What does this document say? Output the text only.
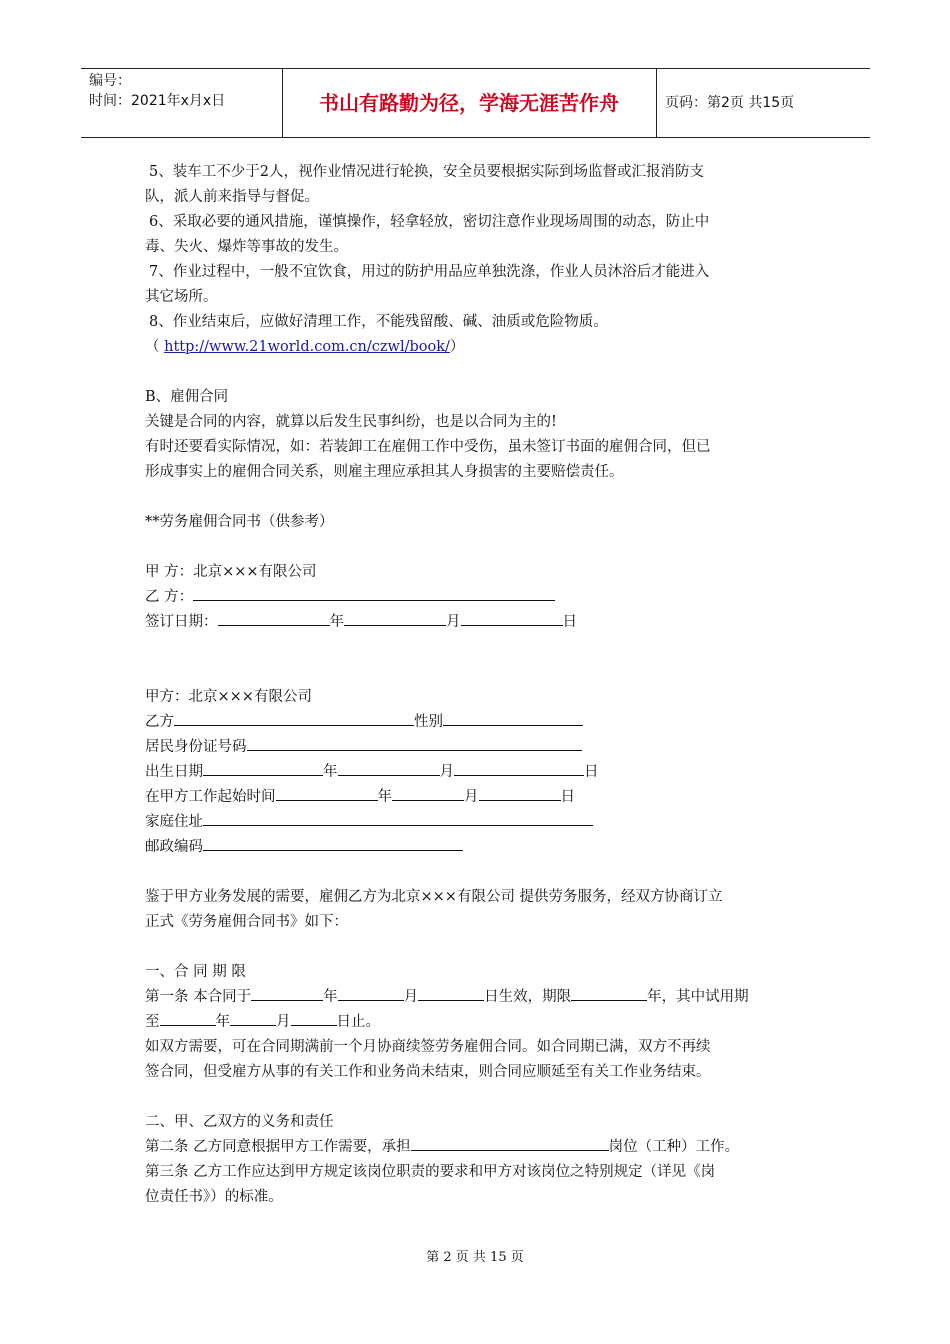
编号：
时间：2021年x月x日	书山有路勤为径，学海无涯苦作舟	页码：第2页 共15页
5、装车工不少于2人，视作业情况进行轮换，安全员要根据实际到场监督或汇报消防支
队，派人前来指导与督促。
6、采取必要的通风措施，谨慎操作，轻拿轻放，密切注意作业现场周围的动态，防止中
毒、失火、爆炸等事故的发生。
7、作业过程中，一般不宜饮食，用过的防护用品应单独洗涤，作业人员沐浴后才能进入
其它场所。
8、作业结束后，应做好清理工作，不能残留酸、碱、油质或危险物质。
（ http://www.21world.com.cn/czwl/book/）
B、雇佣合同
关键是合同的内容，就算以后发生民事纠纷，也是以合同为主的!
有时还要看实际情况，如：若装卸工在雇佣工作中受伤，虽未签订书面的雇佣合同，但已
形成事实上的雇佣合同关系，则雇主理应承担其人身损害的主要赔偿责任。
**劳务雇佣合同书（供参考）
甲 方：北京×××有限公司
乙 方：
签订日期：	年	月	日
甲方：北京×××有限公司
乙方	性别
居民身份证号码
出生日期	年	月	日
在甲方工作起始时间	年	月	日
家庭住址
邮政编码
鉴于甲方业务发展的需要，雇佣乙方为北京×××有限公司 提供劳务服务，经双方协商订立
正式《劳务雇佣合同书》如下：
一、合 同 期 限
第一条 本合同于	年	月	日生效，期限	年，其中试用期
至	年	月	日止。
如双方需要，可在合同期满前一个月协商续签劳务雇佣合同。如合同期已满，双方不再续
签合同，但受雇方从事的有关工作和业务尚未结束，则合同应顺延至有关工作业务结束。
二、甲、乙双方的义务和责任
第二条 乙方同意根据甲方工作需要，承担	岗位（工种）工作。
第三条 乙方工作应达到甲方规定该岗位职责的要求和甲方对该岗位之特别规定（详见《岗
位责任书》）的标准。
第 2 页 共 15 页
